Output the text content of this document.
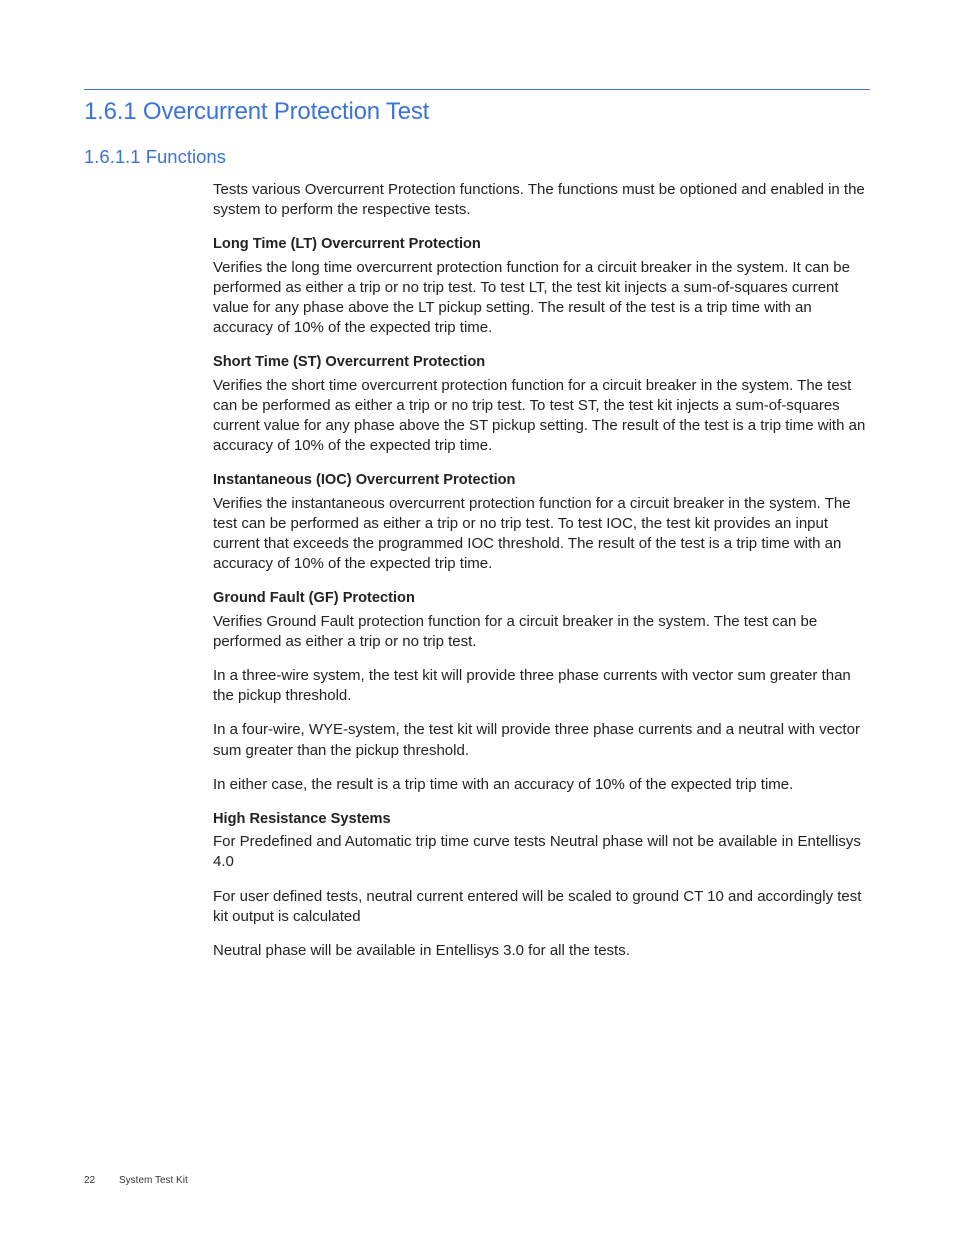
1.6.1 Overcurrent Protection Test
1.6.1.1 Functions

Tests various Overcurrent Protection functions. The functions must be optioned and enabled in the system to perform the respective tests.

Long Time (LT) Overcurrent Protection

Verifies the long time overcurrent protection function for a circuit breaker in the system. It can be performed as either a trip or no trip test. To test LT, the test kit injects a sum-of-squares current value for any phase above the LT pickup setting. The result of the test is a trip time with an accuracy of 10% of the expected trip time.

Short Time (ST) Overcurrent Protection

Verifies the short time overcurrent protection function for a circuit breaker in the system. The test can be performed as either a trip or no trip test. To test ST, the test kit injects a sum-of-squares current value for any phase above the ST pickup setting. The result of the test is a trip time with an accuracy of 10% of the expected trip time.

Instantaneous (IOC) Overcurrent Protection

Verifies the instantaneous overcurrent protection function for a circuit breaker in the system. The test can be performed as either a trip or no trip test. To test IOC, the test kit provides an input current that exceeds the programmed IOC threshold. The result of the test is a trip time with an accuracy of 10% of the expected trip time.

Ground Fault (GF) Protection

Verifies Ground Fault protection function for a circuit breaker in the system. The test can be performed as either a trip or no trip test.

In a three-wire system, the test kit will provide three phase currents with vector sum greater than the pickup threshold.

In a four-wire, WYE-system, the test kit will provide three phase currents and a neutral with vector sum greater than the pickup threshold.

In either case, the result is a trip time with an accuracy of 10% of the expected trip time.

High Resistance Systems

For Predefined and Automatic trip time curve tests Neutral phase will not be available in Entellisys 4.0

For user defined tests, neutral current entered will be scaled to ground CT 10 and accordingly test kit output is calculated

Neutral phase will be available in Entellisys 3.0 for all the tests.

22 System Test Kit
